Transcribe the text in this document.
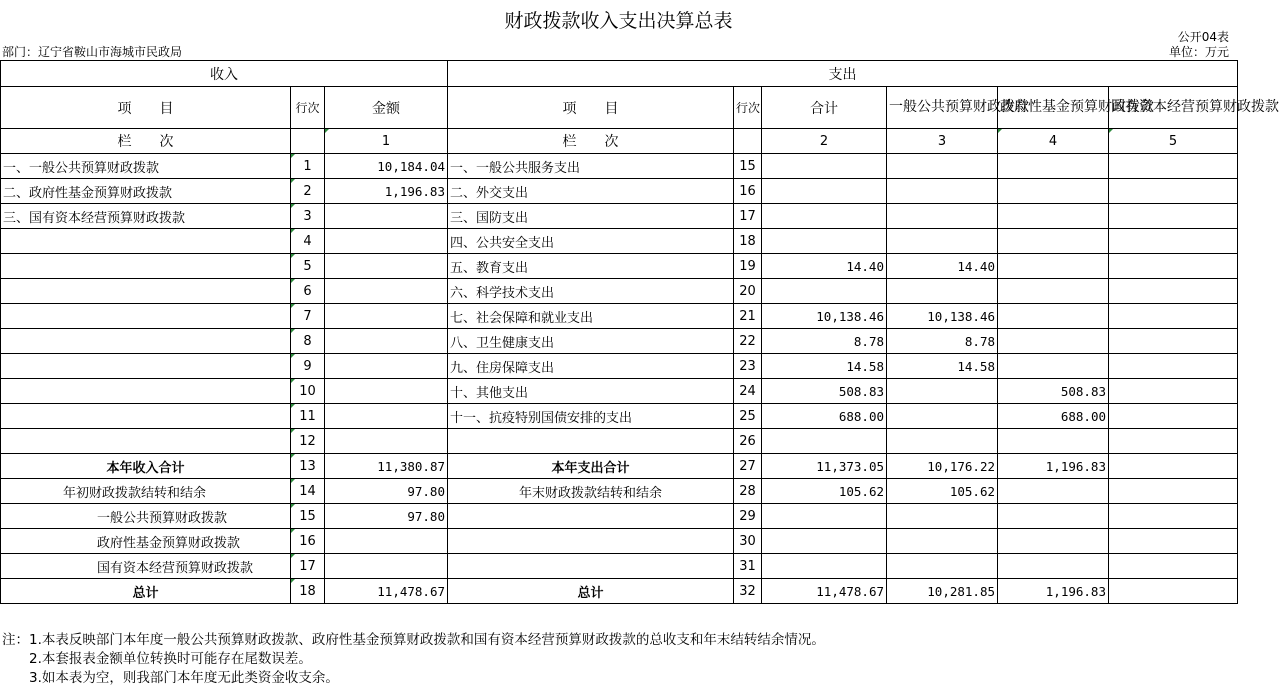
财政拨款收入支出决算总表
公开04表
部门：辽宁省鞍山市海城市民政局	单位：万元
收入			支出					
项　　目	行次	金额	项　　目	行次	合计	一般公共预算财政拨款	政府性基金预算财政拨款	国有资本经营预算财政拨款
栏　　次		1	栏　　次		2	3	4	5
一、一般公共预算财政拨款	1	10,184.04	一、一般公共服务支出	15				
二、政府性基金预算财政拨款	2	1,196.83	二、外交支出	16				
三、国有资本经营预算财政拨款	3		三、国防支出	17				
	4		四、公共安全支出	18				
	5		五、教育支出	19	14.40	14.40		
	6		六、科学技术支出	20				
	7		七、社会保障和就业支出	21	10,138.46	10,138.46		
	8		八、卫生健康支出	22	8.78	8.78		
	9		九、住房保障支出	23	14.58	14.58		
	10		十、其他支出	24	508.83		508.83	
	11		十一、抗疫特别国债安排的支出	25	688.00		688.00	
	12			26				
本年收入合计	13	11,380.87	本年支出合计	27	11,373.05	10,176.22	1,196.83	
年初财政拨款结转和结余	14	97.80	年末财政拨款结转和结余	28	105.62	105.62		
一般公共预算财政拨款	15	97.80		29				
政府性基金预算财政拨款	16			30				
国有资本经营预算财政拨款	17			31				
总计	18	11,478.67	总计	32	11,478.67	10,281.85	1,196.83	
注：1.本表反映部门本年度一般公共预算财政拨款、政府性基金预算财政拨款和国有资本经营预算财政拨款的总收支和年末结转结余情况。
　　2.本套报表金额单位转换时可能存在尾数误差。
　　3.如本表为空，则我部门本年度无此类资金收支余。
